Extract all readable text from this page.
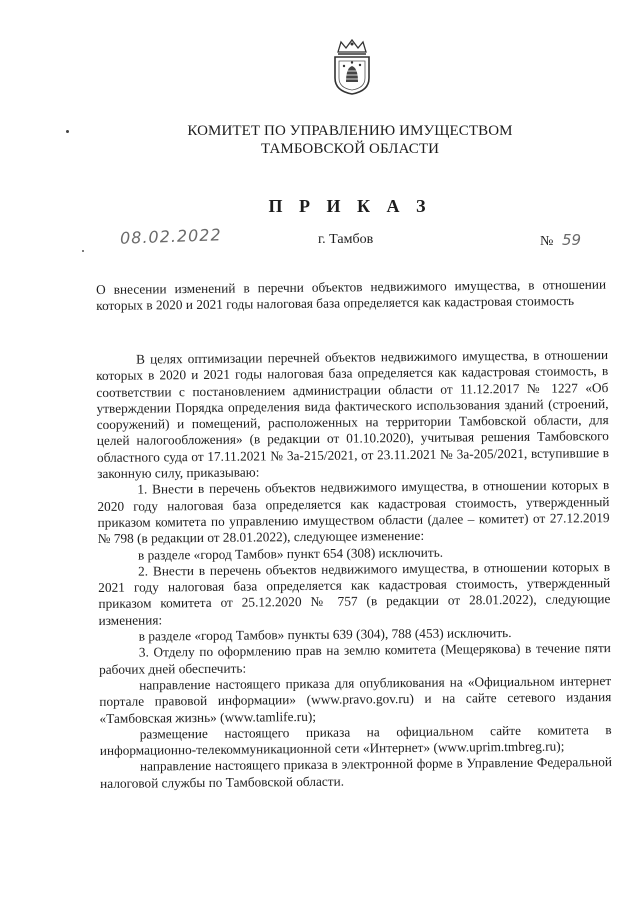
КОМИТЕТ ПО УПРАВЛЕНИЮ ИМУЩЕСТВОМ
ТАМБОВСКОЙ ОБЛАСТИ
П Р И К А З
08.02.2022	г. Тамбов	№ 59
О внесении изменений в перечни объектов недвижимого имущества, в отношении которых в 2020 и 2021 годы налоговая база определяется как кадастровая стоимость

В целях оптимизации перечней объектов недвижимого имущества, в отношении которых в 2020 и 2021 годы налоговая база определяется как кадастровая стоимость, в соответствии с постановлением администрации области от 11.12.2017 № 1227 «Об утверждении Порядка определения вида фактического использования зданий (строений, сооружений) и помещений, расположенных на территории Тамбовской области, для целей налогообложения» (в редакции от 01.10.2020), учитывая решения Тамбовского областного суда от 17.11.2021 № 3а-215/2021, от 23.11.2021 № 3а-205/2021, вступившие в законную силу, приказываю:

1. Внести в перечень объектов недвижимого имущества, в отношении которых в 2020 году налоговая база определяется как кадастровая стоимость, утвержденный приказом комитета по управлению имуществом области (далее – комитет) от 27.12.2019 № 798 (в редакции от 28.01.2022), следующее изменение:

в разделе «город Тамбов» пункт 654 (308) исключить.

2. Внести в перечень объектов недвижимого имущества, в отношении которых в 2021 году налоговая база определяется как кадастровая стоимость, утвержденный приказом комитета от 25.12.2020 № 757 (в редакции от 28.01.2022), следующие изменения:

в разделе «город Тамбов» пункты 639 (304), 788 (453) исключить.

3. Отделу по оформлению прав на землю комитета (Мещерякова) в течение пяти рабочих дней обеспечить:

направление настоящего приказа для опубликования на «Официальном интернет портале правовой информации» (www.pravo.gov.ru) и на сайте сетевого издания «Тамбовская жизнь» (www.tamlife.ru);

размещение настоящего приказа на официальном сайте комитета в информационно-телекоммуникационной сети «Интернет» (www.uprim.tmbreg.ru);

направление настоящего приказа в электронной форме в Управление Федеральной налоговой службы по Тамбовской области.
